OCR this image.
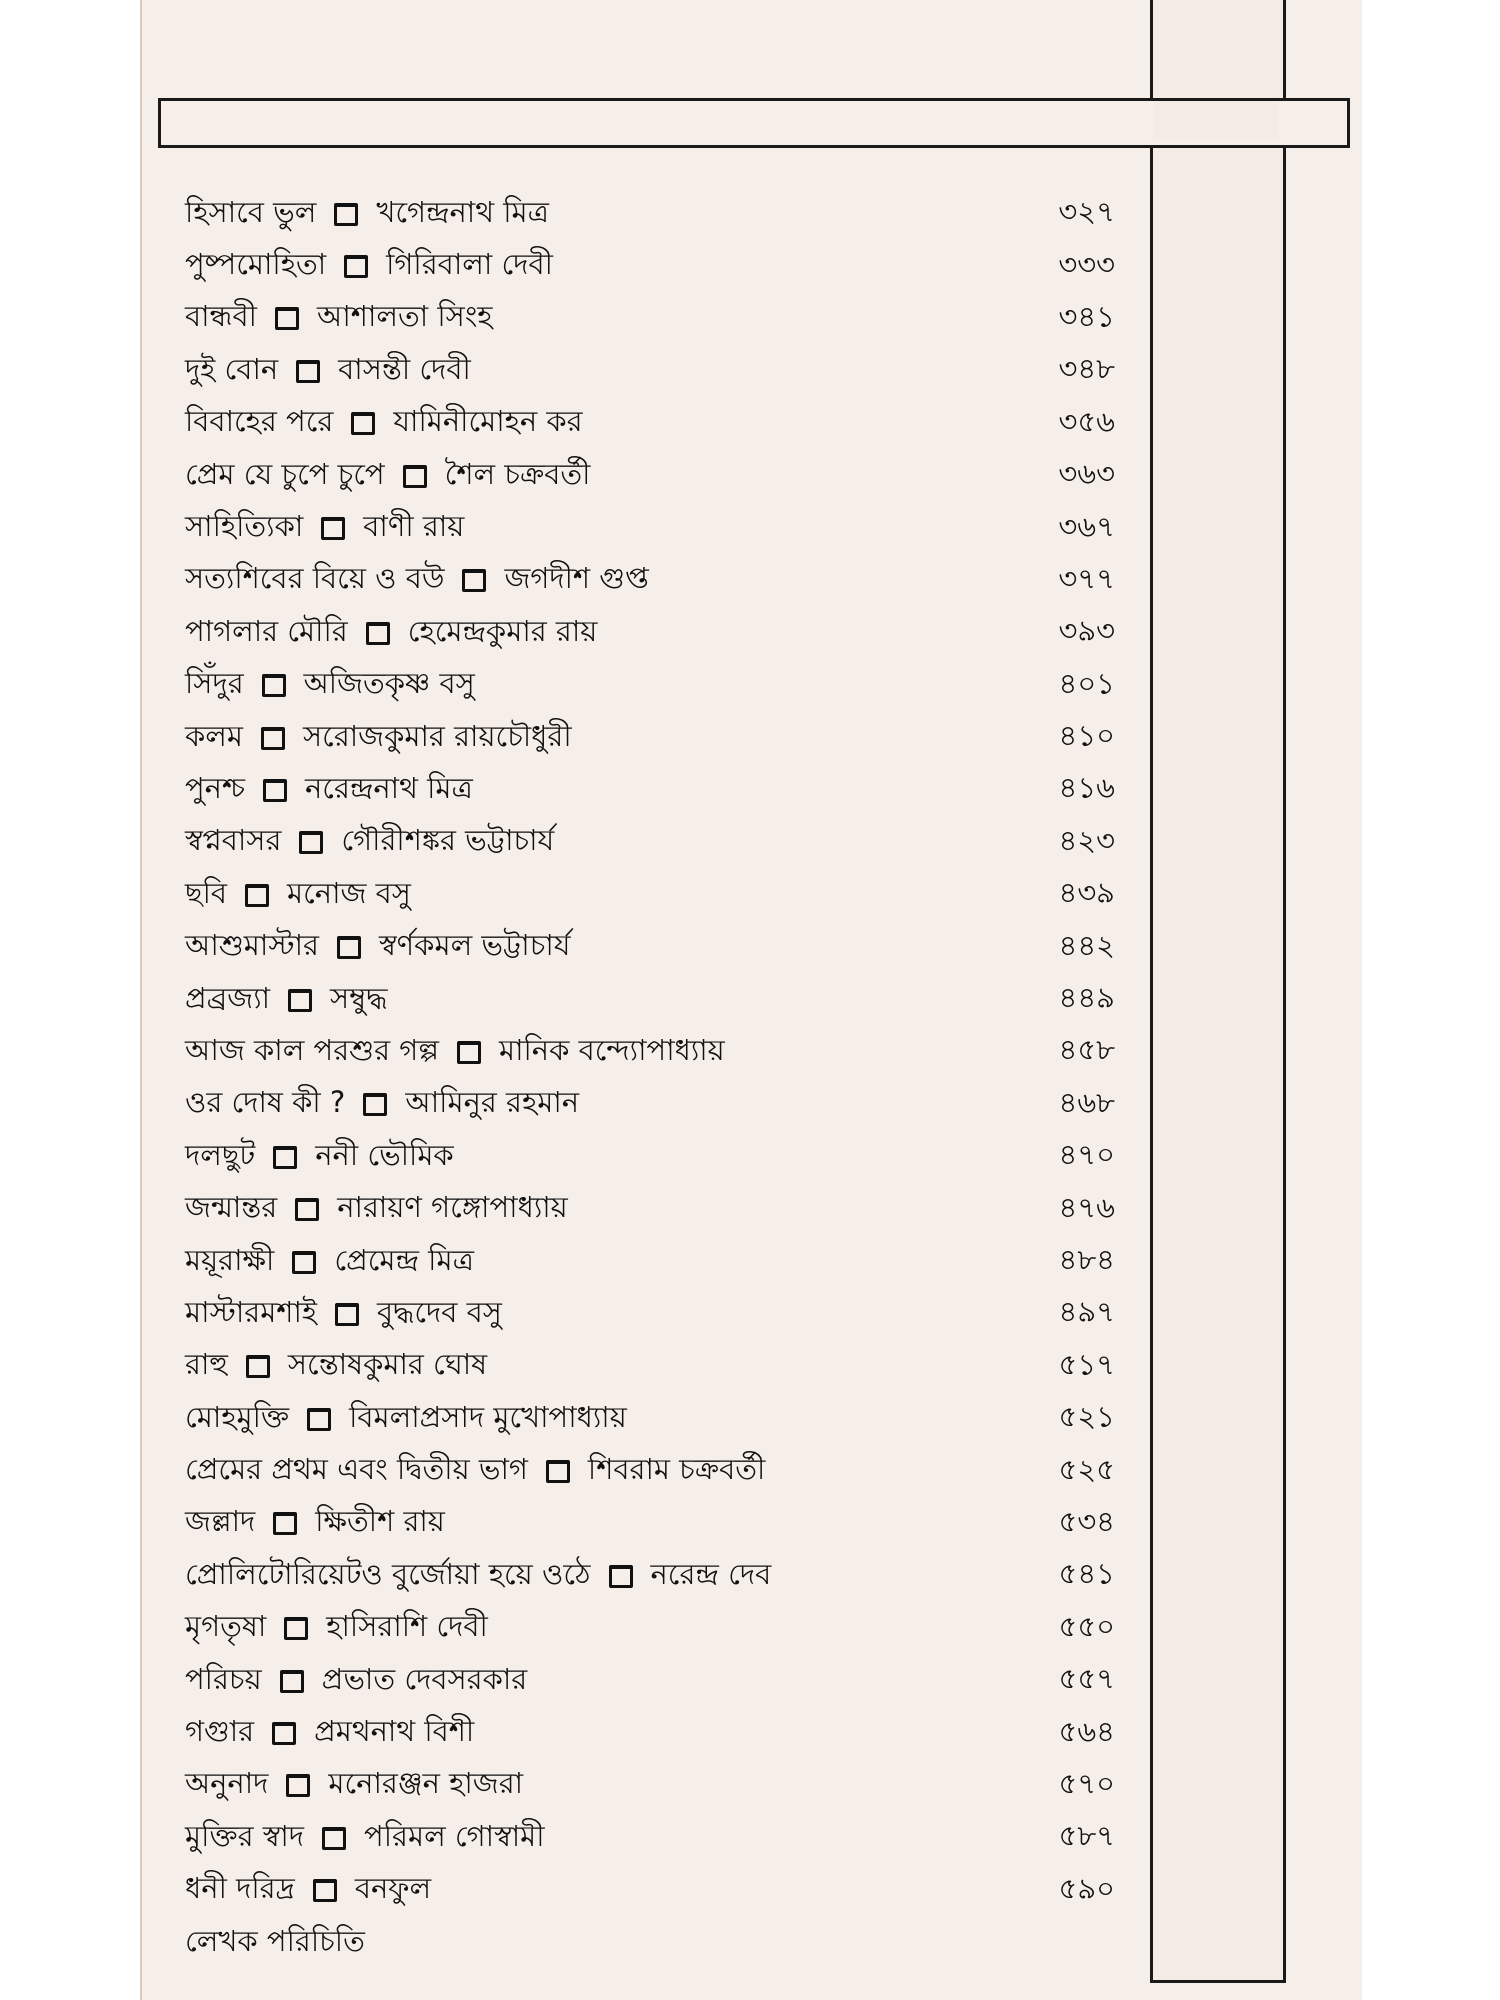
হিসাবে ভুল খগেন্দ্রনাথ মিত্র	৩২৭
পুষ্পমোহিতা গিরিবালা দেবী	৩৩৩
বান্ধবী আশালতা সিংহ	৩৪১
দুই বোন বাসন্তী দেবী	৩৪৮
বিবাহের পরে যামিনীমোহন কর	৩৫৬
প্রেম যে চুপে চুপে শৈল চক্রবর্তী	৩৬৩
সাহিত্যিকা বাণী রায়	৩৬৭
সত্যশিবের বিয়ে ও বউ জগদীশ গুপ্ত	৩৭৭
পাগলার মৌরি হেমেন্দ্রকুমার রায়	৩৯৩
সিঁদুর অজিতকৃষ্ণ বসু	৪০১
কলম সরোজকুমার রায়চৌধুরী	৪১০
পুনশ্চ নরেন্দ্রনাথ মিত্র	৪১৬
স্বপ্নবাসর গৌরীশঙ্কর ভট্টাচার্য	৪২৩
ছবি মনোজ বসু	৪৩৯
আশুমাস্টার স্বর্ণকমল ভট্টাচার্য	৪৪২
প্রব্রজ্যা সম্বুদ্ধ	৪৪৯
আজ কাল পরশুর গল্প মানিক বন্দ্যোপাধ্যায়	৪৫৮
ওর দোষ কী ? আমিনুর রহমান	৪৬৮
দলছুট ননী ভৌমিক	৪৭০
জন্মান্তর নারায়ণ গঙ্গোপাধ্যায়	৪৭৬
ময়ূরাক্ষী প্রেমেন্দ্র মিত্র	৪৮৪
মাস্টারমশাই বুদ্ধদেব বসু	৪৯৭
রাহু সন্তোষকুমার ঘোষ	৫১৭
মোহমুক্তি বিমলাপ্রসাদ মুখোপাধ্যায়	৫২১
প্রেমের প্রথম এবং দ্বিতীয় ভাগ শিবরাম চক্রবর্তী	৫২৫
জল্লাদ ক্ষিতীশ রায়	৫৩৪
প্রোলিটোরিয়েটও বুর্জোয়া হয়ে ওঠে নরেন্দ্র দেব	৫৪১
মৃগতৃষা হাসিরাশি দেবী	৫৫০
পরিচয় প্রভাত দেবসরকার	৫৫৭
গগুার প্রমথনাথ বিশী	৫৬৪
অনুনাদ মনোরঞ্জন হাজরা	৫৭০
মুক্তির স্বাদ পরিমল গোস্বামী	৫৮৭
ধনী দরিদ্র বনফুল	৫৯০
লেখক পরিচিতি
